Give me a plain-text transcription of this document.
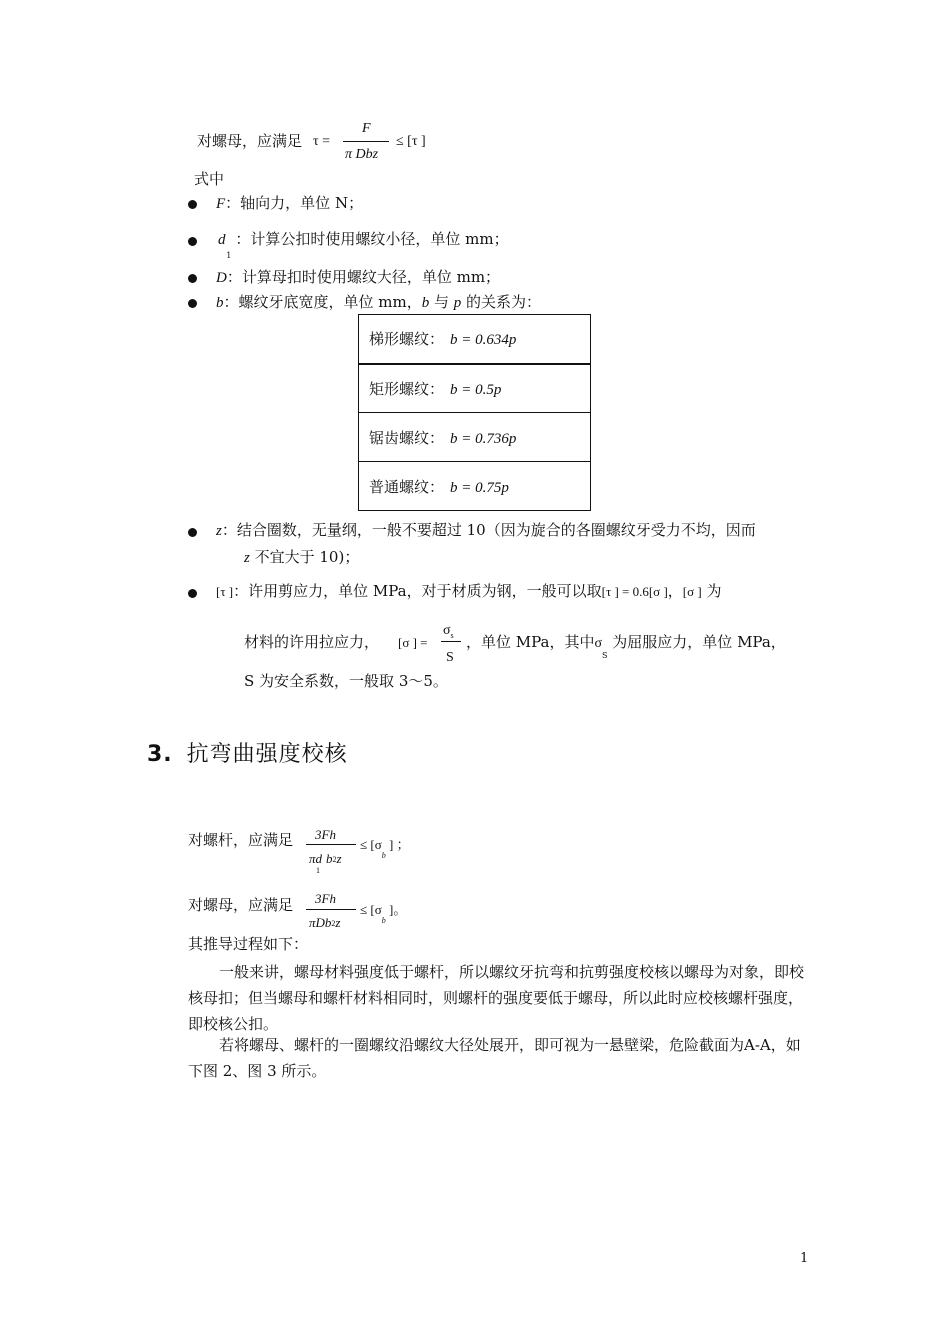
对螺母，应满足 τ =
F
π Dbz
≤ [τ ]
式中
F：轴向力，单位 N；
d $_1$：计算公扣时使用螺纹小径，单位 mm；
D：计算母扣时使用螺纹大径，单位 mm；
b：螺纹牙底宽度，单位 mm，b 与 p 的关系为：
梯形螺纹： b = 0.634p
矩形螺纹： b = 0.5p
锯齿螺纹： b = 0.736p
普通螺纹： b = 0.75p
z：结合圈数，无量纲，一般不要超过 10（因为旋合的各圈螺纹牙受力不均，因而
z 不宜大于 10)；
[τ ]：许用剪应力，单位 MPa，对于材质为钢，一般可以取[τ ] = 0.6[σ ]，[σ ] 为
材料的许用拉应力， [σ ] =
$\sigma_s$
S
，单位 MPa，其中$\sigma_S$ 为屈服应力，单位 MPa，
S 为安全系数，一般取 3～5。
3. 抗弯曲强度校核
对螺杆，应满足 3Fh
$\pi d_1b2z$
≤ [$\sigma_b$ ] ；
对螺母，应满足 3Fh
πDb2z
≤ [$\sigma_b$ ]。
其推导过程如下：
一般来讲，螺母材料强度低于螺杆，所以螺纹牙抗弯和抗剪强度校核以螺母为对象，即校核母扣；但当螺母和螺杆材料相同时，则螺杆的强度要低于螺母，所以此时应校核螺杆强度，即校核公扣。
若将螺母、螺杆的一圈螺纹沿螺纹大径处展开，即可视为一悬壁梁，危险截面为A-A，如下图 2、图 3 所示。
1
